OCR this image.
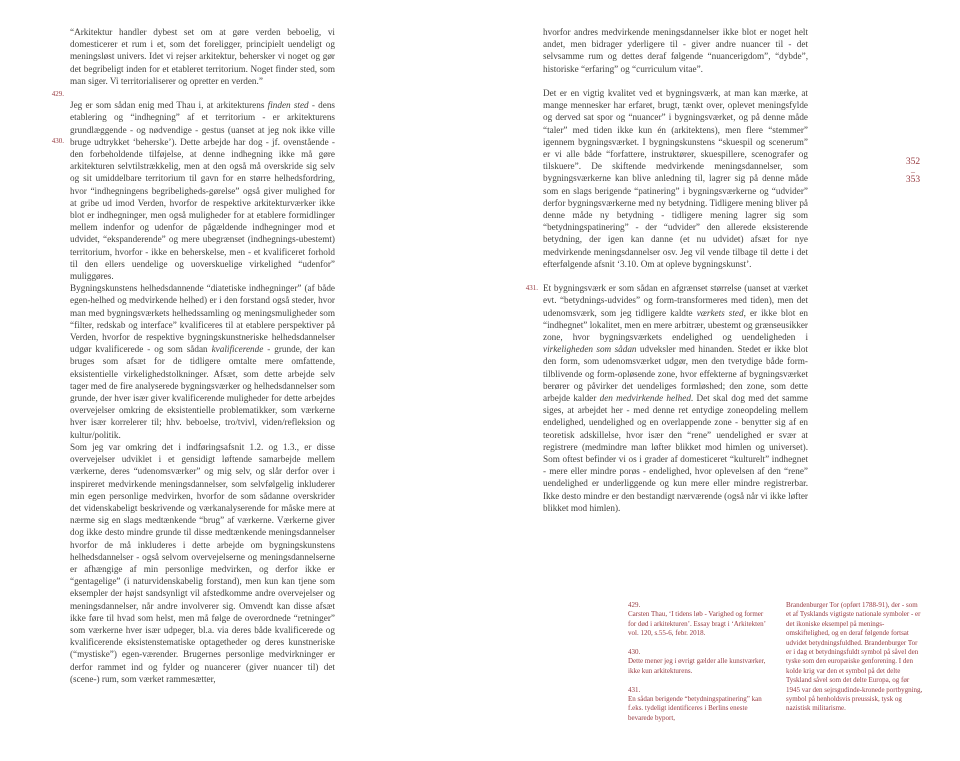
429.
430.

“Arkitektur handler dybest set om at gøre verden beboelig, vi domesticerer et rum i et, som det foreligger, principielt uendeligt og meningsløst univers. Idet vi rejser arkitektur, behersker vi noget og gør det begribeligt inden for et etableret territorium. Noget finder sted, som man siger. Vi territorialiserer og opretter en verden.”

Jeg er som sådan enig med Thau i, at arkitekturens finden sted - dens etablering og “indhegning” af et territorium - er arkitekturens grundlæggende - og nødvendige - gestus (uanset at jeg nok ikke ville bruge udtrykket ‘beherske’). Dette arbejde har dog - jf. ovenstående - den forbeholdende tilføjelse, at denne indhegning ikke må gøre arkitekturen selvtilstrækkelig, men at den også må overskride sig selv og sit umiddelbare territorium til gavn for en større helhedsfordring, hvor “indhegningens begribeligheds-gørelse” også giver mulighed for at gribe ud imod Verden, hvorfor de respektive arkitekturværker ikke blot er indhegninger, men også muligheder for at etablere formidlinger mellem indenfor og udenfor de pågældende indhegninger mod et udvidet, “ekspanderende” og mere ubegrænset (indhegnings-ubestemt) territorium, hvorfor - ikke en beherskelse, men - et kvalificeret forhold til den ellers uendelige og uoverskuelige virkelighed “udenfor” muliggøres.

Bygningskunstens helhedsdannende “diatetiske indhegninger” (af både egen-helhed og medvirkende helhed) er i den forstand også steder, hvor man med bygningsværkets helhedssamling og meningsmuligheder som “filter, redskab og interface” kvalificeres til at etablere perspektiver på Verden, hvorfor de respektive bygningskunstneriske helhedsdannelser udgør kvalificerede - og som sådan kvalificerende - grunde, der kan bruges som afsæt for de tidligere omtalte mere omfattende, eksistentielle virkelighedstolkninger. Afsæt, som dette arbejde selv tager med de fire analyserede bygningsværker og helhedsdannelser som grunde, der hver især giver kvalificerende muligheder for dette arbejdes overvejelser omkring de eksistentielle problematikker, som værkerne hver især korrelerer til; hhv. beboelse, tro/tvivl, viden/refleksion og kultur/politik.

Som jeg var omkring det i indføringsafsnit 1.2. og 1.3., er disse overvejelser udviklet i et gensidigt løftende samarbejde mellem værkerne, deres “udenomsværker” og mig selv, og slår derfor over i inspireret medvirkende meningsdannelser, som selvfølgelig inkluderer min egen personlige medvirken, hvorfor de som sådanne overskrider det videnskabeligt beskrivende og værkanalyserende for måske mere at nærme sig en slags medtænkende “brug” af værkerne. Værkerne giver dog ikke desto mindre grunde til disse medtænkende meningsdannelser hvorfor de må inkluderes i dette arbejde om bygningskunstens helhedsdannelser - også selvom overvejelserne og meningsdannelserne er afhængige af min personlige medvirken, og derfor ikke er “gentagelige” (i naturvidenskabelig forstand), men kun kan tjene som eksempler der højst sandsynligt vil afstedkomme andre overvejelser og meningsdannelser, når andre involverer sig. Omvendt kan disse afsæt ikke føre til hvad som helst, men må følge de overordnede “retninger” som værkerne hver især udpeger, bl.a. via deres både kvalificerede og kvalificerende eksistenstematiske optagetheder og deres kunstneriske (“mystiske”) egen-værender. Brugernes personlige medvirkninger er derfor rammet ind og fylder og nuancerer (giver nuancer til) det (scene-) rum, som værket rammesætter,

431.

hvorfor andres medvirkende meningsdannelser ikke blot er noget helt andet, men bidrager yderligere til - giver andre nuancer til - det selvsamme rum og dettes deraf følgende “nuancerigdom”, “dybde”, historiske “erfaring” og “curriculum vitae”.

Det er en vigtig kvalitet ved et bygningsværk, at man kan mærke, at mange mennesker har erfaret, brugt, tænkt over, oplevet meningsfylde og derved sat spor og “nuancer” i bygningsværket, og på denne måde “taler” med tiden ikke kun én (arkitektens), men flere “stemmer” igennem bygningsværket. I bygningskunstens “skuespil og scenerum” er vi alle både “forfattere, instruktører, skuespillere, scenografer og tilskuere”. De skiftende medvirkende meningsdannelser, som bygningsværkerne kan blive anledning til, lagrer sig på denne måde som en slags berigende “patinering” i bygningsværkerne og “udvider” derfor bygningsværkerne med ny betydning. Tidligere mening bliver på denne måde ny betydning - tidligere mening lagrer sig som “betydningspatinering” - der “udvider” den allerede eksisterende betydning, der igen kan danne (et nu udvidet) afsæt for nye medvirkende meningsdannelser osv. Jeg vil vende tilbage til dette i det efterfølgende afsnit ‘3.10. Om at opleve bygningskunst’.

Et bygningsværk er som sådan en afgrænset størrelse (uanset at værket evt. “betydnings-udvides” og form-transformeres med tiden), men det udenomsværk, som jeg tidligere kaldte værkets sted, er ikke blot en “indhegnet” lokalitet, men en mere arbitrær, ubestemt og grænseusikker zone, hvor bygningsværkets endelighed og uendeligheden i virkeligheden som sådan udveksler med hinanden. Stedet er ikke blot den form, som udenomsværket udgør, men den tvetydige både form-tilblivende og form-opløsende zone, hvor effekterne af bygningsværket berører og påvirker det uendeliges formløshed; den zone, som dette arbejde kalder den medvirkende helhed. Det skal dog med det samme siges, at arbejdet her - med denne ret entydige zoneopdeling mellem endelighed, uendelighed og en overlappende zone - benytter sig af en teoretisk adskillelse, hvor især den “rene” uendelighed er svær at registrere (medmindre man løfter blikket mod himlen og universet). Som oftest befinder vi os i grader af domesticeret “kulturelt” indhegnet - mere eller mindre porøs - endelighed, hvor oplevelsen af den “rene” uendelighed er underliggende og kun mere eller mindre registrerbar. Ikke desto mindre er den bestandigt nærværende (også når vi ikke løfter blikket mod himlen).

352
–
353
429.
Carsten Thau, ‘I tidens løb - Varighed og former for død i arkitekturen’. Essay bragt i ‘Arkitekten’ vol. 120, s.55-6, febr. 2018.
430.
Dette mener jeg i øvrigt gælder alle kunstværker, ikke kun arkitekturens.
431.
En sådan berigende “betydningspatinering” kan f.eks. tydeligt identificeres i Berlins eneste bevarede byport,
Brandenburger Tor (opført 1788-91), der - som et af Tysklands vigtigste nationale symboler - er det ikoniske eksempel på menings-omskiftelighed, og en deraf følgende fortsat udvidet betydningsfuldhed. Brandenburger Tor er i dag et betydningsfuldt symbol på såvel den tyske som den europæiske genforening. I den kolde krig var den et symbol på det delte Tyskland såvel som det delte Europa, og før 1945 var den sejrsgudinde-kronede portbygning, symbol på henholdsvis preussisk, tysk og nazistisk militarisme.
